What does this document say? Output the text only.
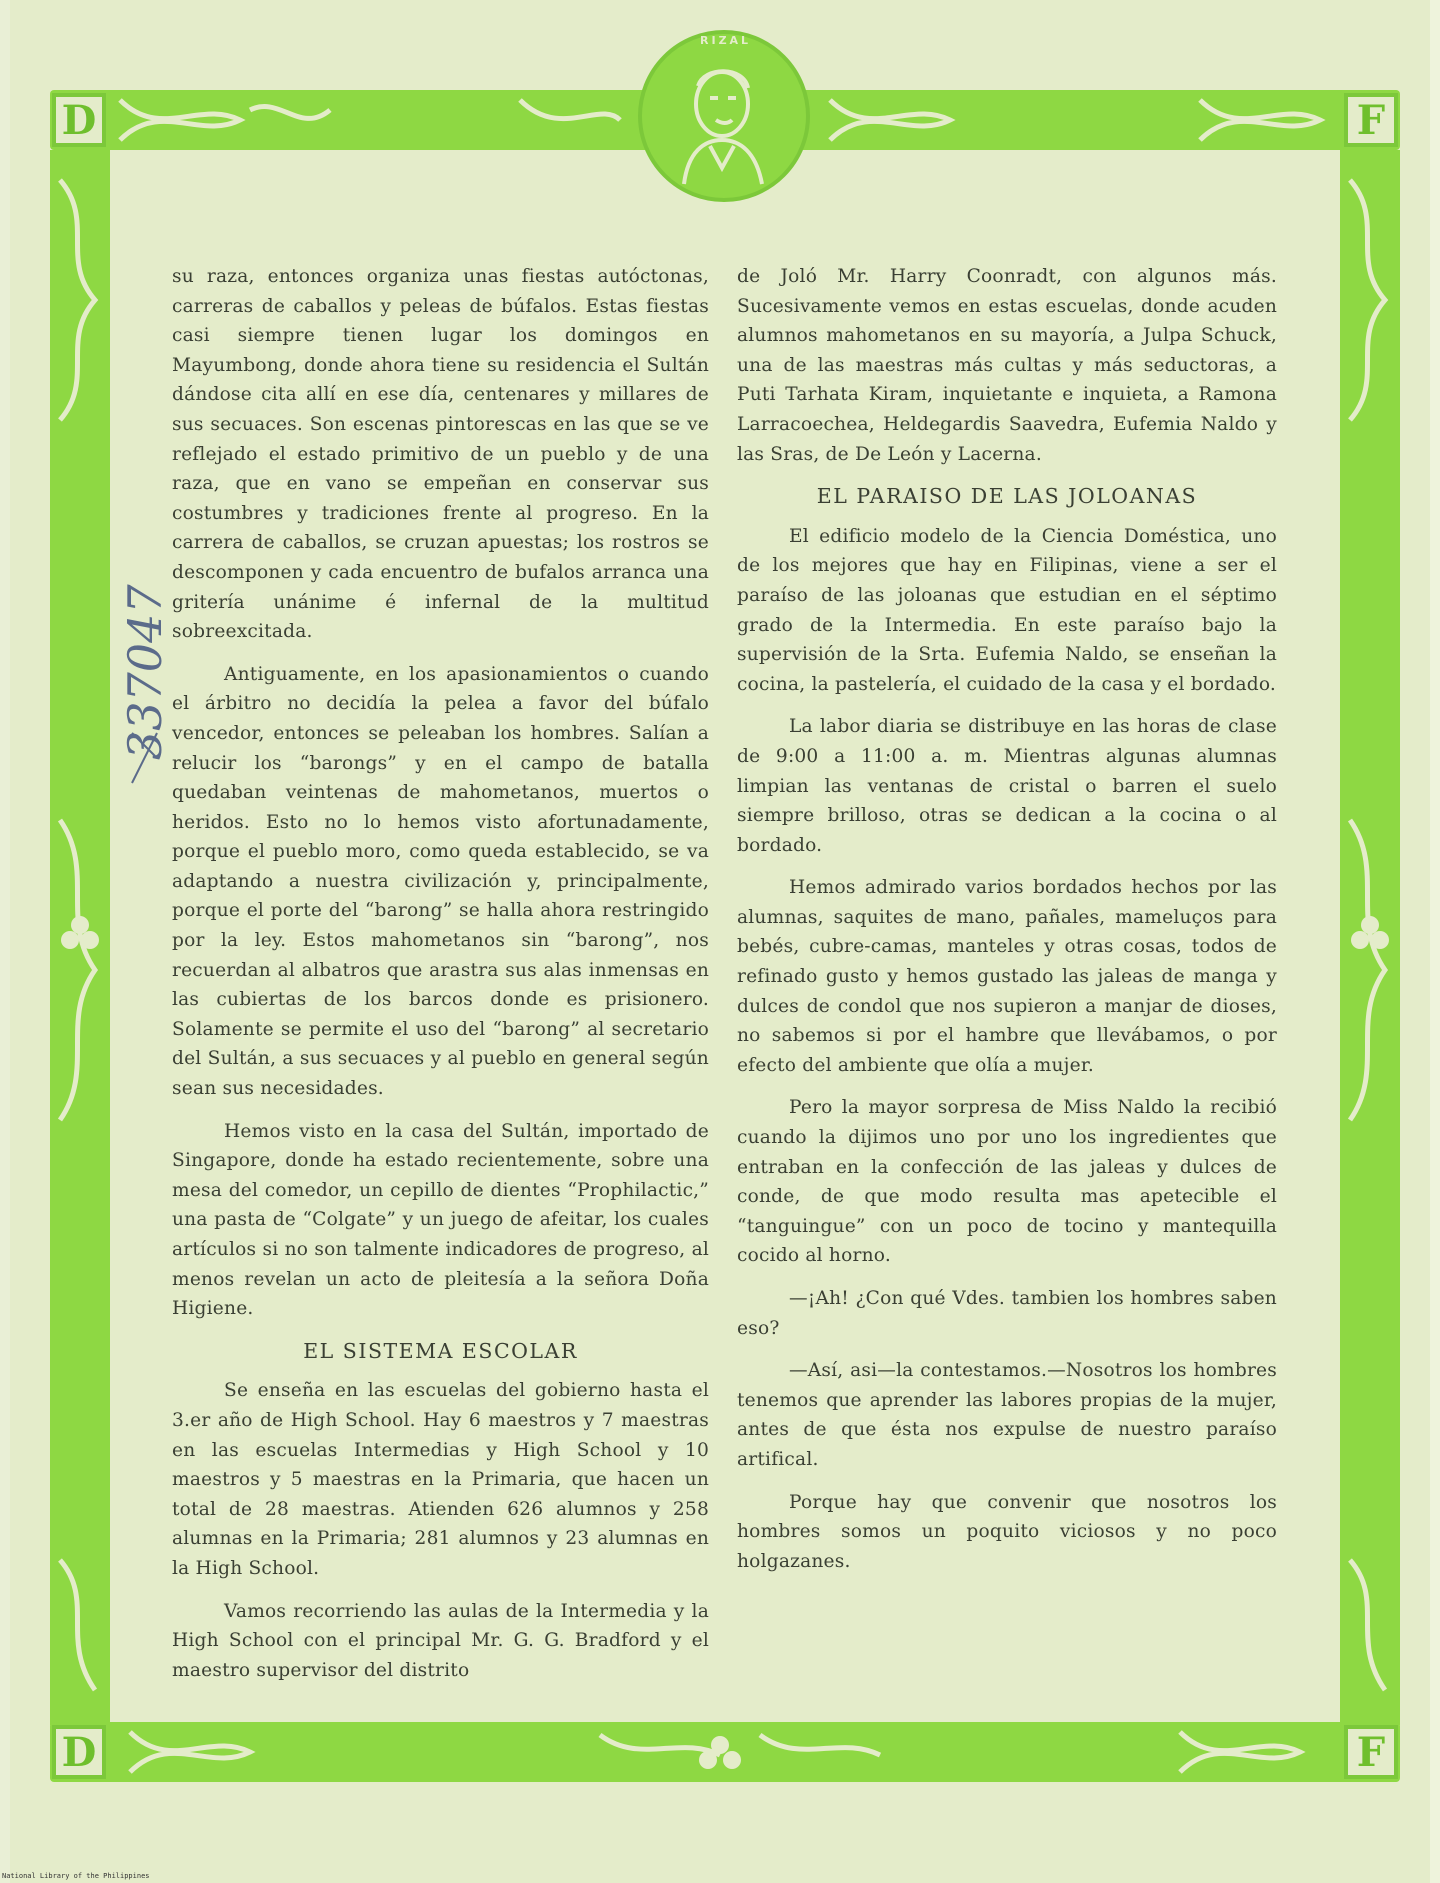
D	F
D	F
RIZAL
337047

su raza, entonces organiza unas fiestas autóctonas, carreras de caballos y peleas de búfalos. Estas fiestas casi siempre tienen lugar los domingos en Mayumbong, donde ahora tiene su residencia el Sultán dándose cita allí en ese día, centenares y millares de sus secuaces. Son escenas pintorescas en las que se ve reflejado el estado primitivo de un pueblo y de una raza, que en vano se empeñan en conservar sus costumbres y tradiciones frente al progreso. En la carrera de caballos, se cruzan apuestas; los rostros se descomponen y cada encuentro de bufalos arranca una gritería unánime é infernal de la multitud sobreexcitada.

Antiguamente, en los apasionamientos o cuando el árbitro no decidía la pelea a favor del búfalo vencedor, entonces se peleaban los hombres. Salían a relucir los “barongs” y en el campo de batalla quedaban veintenas de mahometanos, muertos o heridos. Esto no lo hemos visto afortunadamente, porque el pueblo moro, como queda establecido, se va adaptando a nuestra civilización y, principalmente, porque el porte del “barong” se halla ahora restringido por la ley. Estos mahometanos sin “barong”, nos recuerdan al albatros que arastra sus alas inmensas en las cubiertas de los barcos donde es prisionero. Solamente se permite el uso del “barong” al secretario del Sultán, a sus secuaces y al pueblo en general según sean sus necesidades.

Hemos visto en la casa del Sultán, importado de Singapore, donde ha estado recientemente, sobre una mesa del comedor, un cepillo de dientes “Prophilactic,” una pasta de “Colgate” y un juego de afeitar, los cuales artículos si no son talmente indicadores de progreso, al menos revelan un acto de pleitesía a la señora Doña Higiene.

EL SISTEMA ESCOLAR

Se enseña en las escuelas del gobierno hasta el 3.er año de High School. Hay 6 maestros y 7 maestras en las escuelas Intermedias y High School y 10 maestros y 5 maestras en la Primaria, que hacen un total de 28 maestras. Atienden 626 alumnos y 258 alumnas en la Primaria; 281 alumnos y 23 alumnas en la High School.

Vamos recorriendo las aulas de la Intermedia y la High School con el principal Mr. G. G. Bradford y el maestro supervisor del distrito

de Joló Mr. Harry Coonradt, con algunos más. Sucesivamente vemos en estas escuelas, donde acuden alumnos mahometanos en su mayoría, a Julpa Schuck, una de las maestras más cultas y más seductoras, a Puti Tarhata Kiram, inquietante e inquieta, a Ramona Larracoechea, Heldegardis Saavedra, Eufemia Naldo y las Sras, de De León y Lacerna.

EL PARAISO DE LAS JOLOANAS

El edificio modelo de la Ciencia Doméstica, uno de los mejores que hay en Filipinas, viene a ser el paraíso de las joloanas que estudian en el séptimo grado de la Intermedia. En este paraíso bajo la supervisión de la Srta. Eufemia Naldo, se enseñan la cocina, la pastelería, el cuidado de la casa y el bordado.

La labor diaria se distribuye en las horas de clase de 9:00 a 11:00 a. m. Mientras algunas alumnas limpian las ventanas de cristal o barren el suelo siempre brilloso, otras se dedican a la cocina o al bordado.

Hemos admirado varios bordados hechos por las alumnas, saquites de mano, pañales, mameluços para bebés, cubre-camas, manteles y otras cosas, todos de refinado gusto y hemos gustado las jaleas de manga y dulces de condol que nos supieron a manjar de dioses, no sabemos si por el hambre que llevábamos, o por efecto del ambiente que olía a mujer.

Pero la mayor sorpresa de Miss Naldo la recibió cuando la dijimos uno por uno los ingredientes que entraban en la confección de las jaleas y dulces de conde, de que modo resulta mas apetecible el “tanguingue” con un poco de tocino y mantequilla cocido al horno.

—¡Ah! ¿Con qué Vdes. tambien los hombres saben eso?

—Así, asi—la contestamos.—Nosotros los hombres tenemos que aprender las labores propias de la mujer, antes de que ésta nos expulse de nuestro paraíso artifical.

Porque hay que convenir que nosotros los hombres somos un poquito viciosos y no poco holgazanes.

National Library of the Philippines
